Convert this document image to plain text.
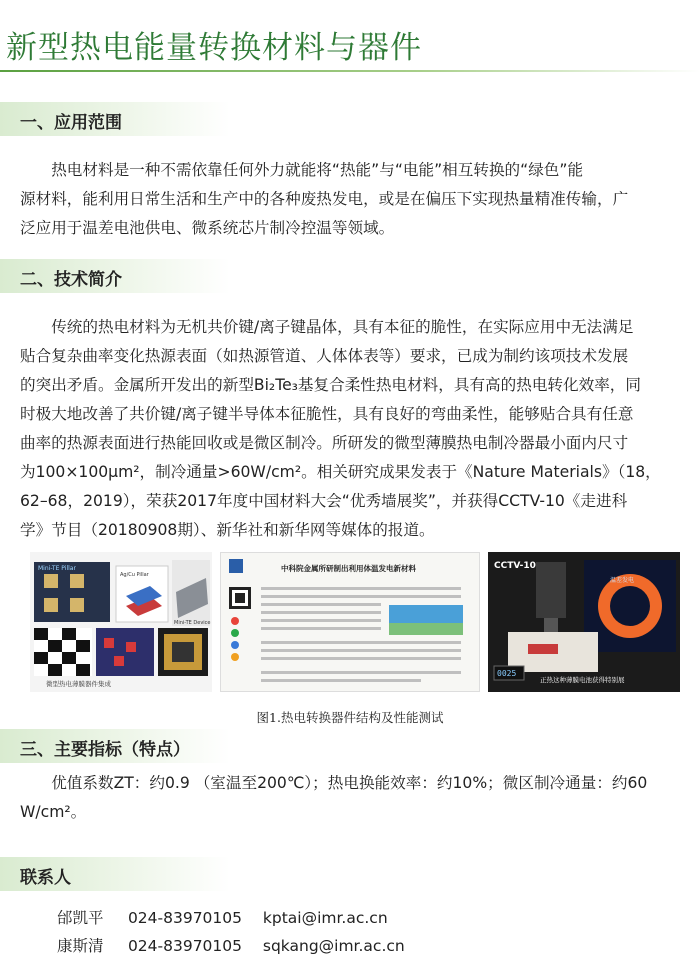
新型热电能量转换材料与器件
一、应用范围
　　热电材料是一种不需依靠任何外力就能将“热能”与“电能”相互转换的“绿色”能
源材料，能利用日常生活和生产中的各种废热发电，或是在偏压下实现热量精准传输，广
泛应用于温差电池供电、微系统芯片制冷控温等领域。
二、技术简介
　　传统的热电材料为无机共价键/离子键晶体，具有本征的脆性，在实际应用中无法满足
贴合复杂曲率变化热源表面（如热源管道、人体体表等）要求，已成为制约该项技术发展
的突出矛盾。金属所开发出的新型Bi₂Te₃基复合柔性热电材料，具有高的热电转化效率，同
时极大地改善了共价键/离子键半导体本征脆性，具有良好的弯曲柔性，能够贴合具有任意
曲率的热源表面进行热能回收或是微区制冷。所研发的微型薄膜热电制冷器最小面内尺寸
为100×100μm²，制冷通量>60W/cm²。相关研究成果发表于《Nature Materials》（18，
62–68，2019），荣获2017年度中国材料大会“优秀墙展奖”，并获得CCTV-10《走进科
学》节目（20180908期）、新华社和新华网等媒体的报道。
Mini-TE Pillar
Ag/Cu Pillar
Mini-TE Device
微型热电薄膜器件集成
中科院金属所研制出利用体温发电新材料	CCTV-10
温差发电
0025
正热这种薄膜电池获得特别展
图1.热电转换器件结构及性能测试
三、主要指标（特点）
　　优值系数ZT：约0.9 （室温至200℃）；热电换能效率：约10%；微区制冷通量：约60
W/cm²。
联系人
邰凯平 024-83970105 kptai@imr.ac.cn
康斯清 024-83970105 sqkang@imr.ac.cn
